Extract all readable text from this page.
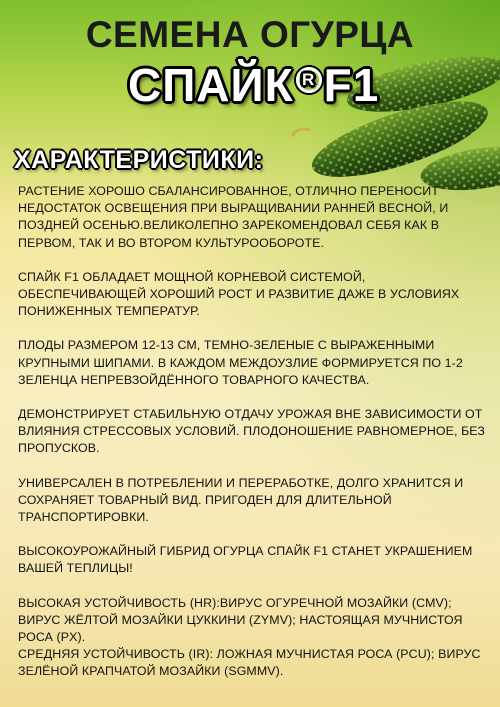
СЕМЕНА ОГУРЦА
СПАЙК R F1
ХАРАКТЕРИСТИКИ:

РАСТЕНИЕ ХОРОШО СБАЛАНСИРОВАННОЕ, ОТЛИЧНО ПЕРЕНОСИТ НЕДОСТАТОК ОСВЕЩЕНИЯ ПРИ ВЫРАЩИВАНИИ РАННЕЙ ВЕСНОЙ, И ПОЗДНЕЙ ОСЕНЬЮ.ВЕЛИКОЛЕПНО ЗАРЕКОМЕНДОВАЛ СЕБЯ КАК В ПЕРВОМ, ТАК И ВО ВТОРОМ КУЛЬТУРООБОРОТЕ.

СПАЙК F1 ОБЛАДАЕТ МОЩНОЙ КОРНЕВОЙ СИСТЕМОЙ, ОБЕСПЕЧИВАЮЩЕЙ ХОРОШИЙ РОСТ И РАЗВИТИЕ ДАЖЕ В УСЛОВИЯХ ПОНИЖЕННЫХ ТЕМПЕРАТУР.

ПЛОДЫ РАЗМЕРОМ 12-13 СМ, ТЕМНО-ЗЕЛЕНЫЕ С ВЫРАЖЕННЫМИ КРУПНЫМИ ШИПАМИ. В КАЖДОМ МЕЖДОУЗЛИЕ ФОРМИРУЕТСЯ ПО 1-2 ЗЕЛЕНЦА НЕПРЕВЗОЙДЁННОГО ТОВАРНОГО КАЧЕСТВА.

ДЕМОНСТРИРУЕТ СТАБИЛЬНУЮ ОТДАЧУ УРОЖАЯ ВНЕ ЗАВИСИМОСТИ ОТ ВЛИЯНИЯ СТРЕССОВЫХ УСЛОВИЙ. ПЛОДОНОШЕНИЕ РАВНОМЕРНОЕ, БЕЗ ПРОПУСКОВ.

УНИВЕРСАЛЕН В ПОТРЕБЛЕНИИ И ПЕРЕРАБОТКЕ, ДОЛГО ХРАНИТСЯ И СОХРАНЯЕТ ТОВАРНЫЙ ВИД. ПРИГОДЕН ДЛЯ ДЛИТЕЛЬНОЙ ТРАНСПОРТИРОВКИ.

ВЫСОКОУРОЖАЙНЫЙ ГИБРИД ОГУРЦА СПАЙК F1 СТАНЕТ УКРАШЕНИЕМ ВАШЕЙ ТЕПЛИЦЫ!

ВЫСОКАЯ УСТОЙЧИВОСТЬ (HR):ВИРУС ОГУРЕЧНОЙ МОЗАЙКИ (CMV); ВИРУС ЖЁЛТОЙ МОЗАЙКИ ЦУККИНИ (ZYMV); НАСТОЯЩАЯ МУЧНИСТОЯ РОСА (PX).

СРЕДНЯЯ УСТОЙЧИВОСТЬ (IR): ЛОЖНАЯ МУЧНИСТАЯ РОСА (PCU); ВИРУС ЗЕЛЁНОЙ КРАПЧАТОЙ МОЗАЙКИ (SGMMV).
